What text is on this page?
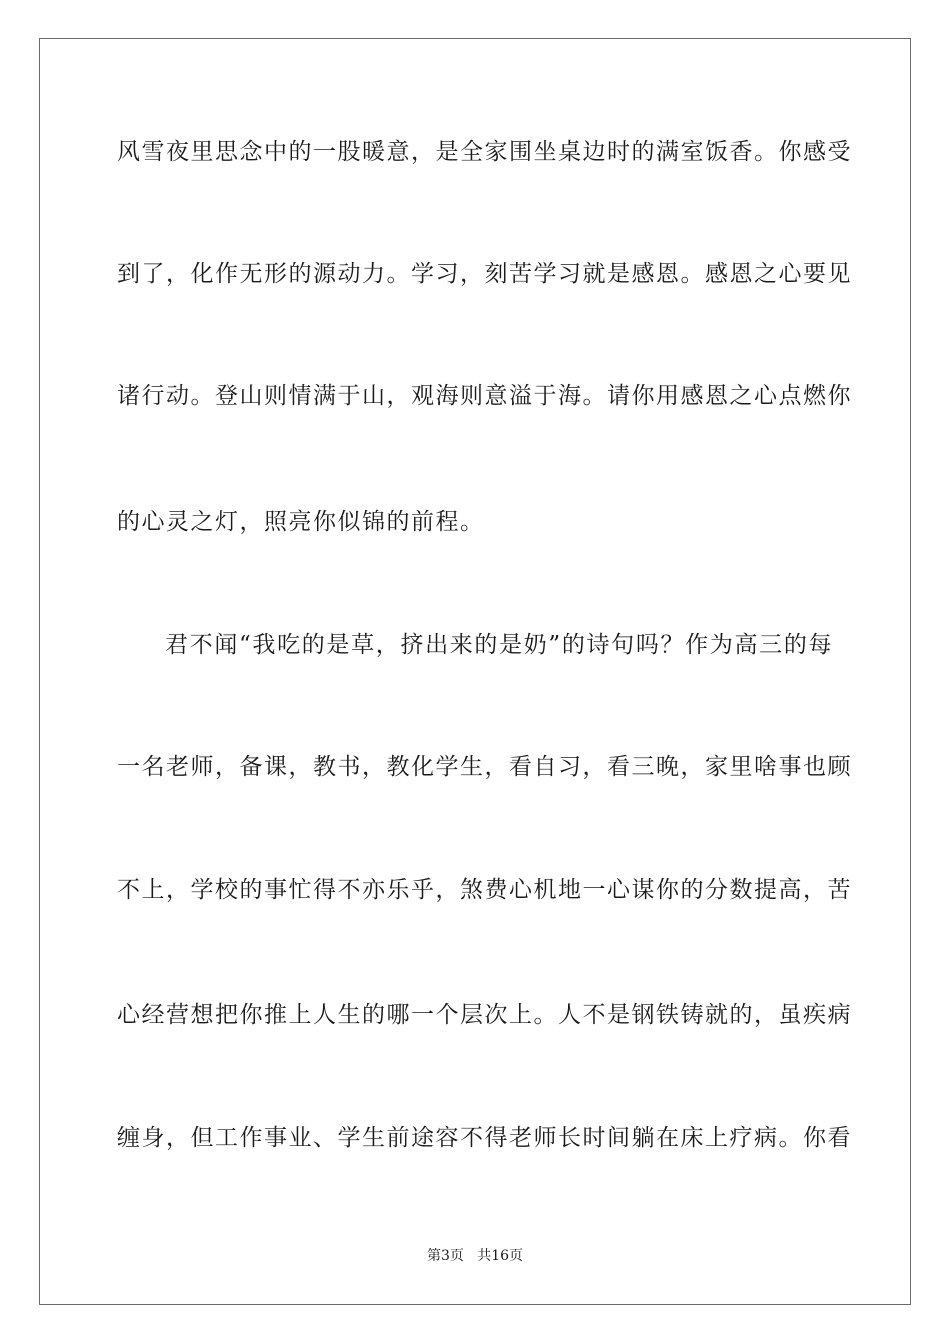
风雪夜里思念中的一股暖意，是全家围坐桌边时的满室饭香。你感受
到了，化作无形的源动力。学习，刻苦学习就是感恩。感恩之心要见
诸行动。登山则情满于山，观海则意溢于海。请你用感恩之心点燃你
的心灵之灯，照亮你似锦的前程。
君不闻“我吃的是草，挤出来的是奶”的诗句吗？作为高三的每
一名老师，备课，教书，教化学生，看自习，看三晚，家里啥事也顾
不上，学校的事忙得不亦乐乎，煞费心机地一心谋你的分数提高，苦
心经营想把你推上人生的哪一个层次上。人不是钢铁铸就的，虽疾病
缠身，但工作事业、学生前途容不得老师长时间躺在床上疗病。你看
第3页   共16页
